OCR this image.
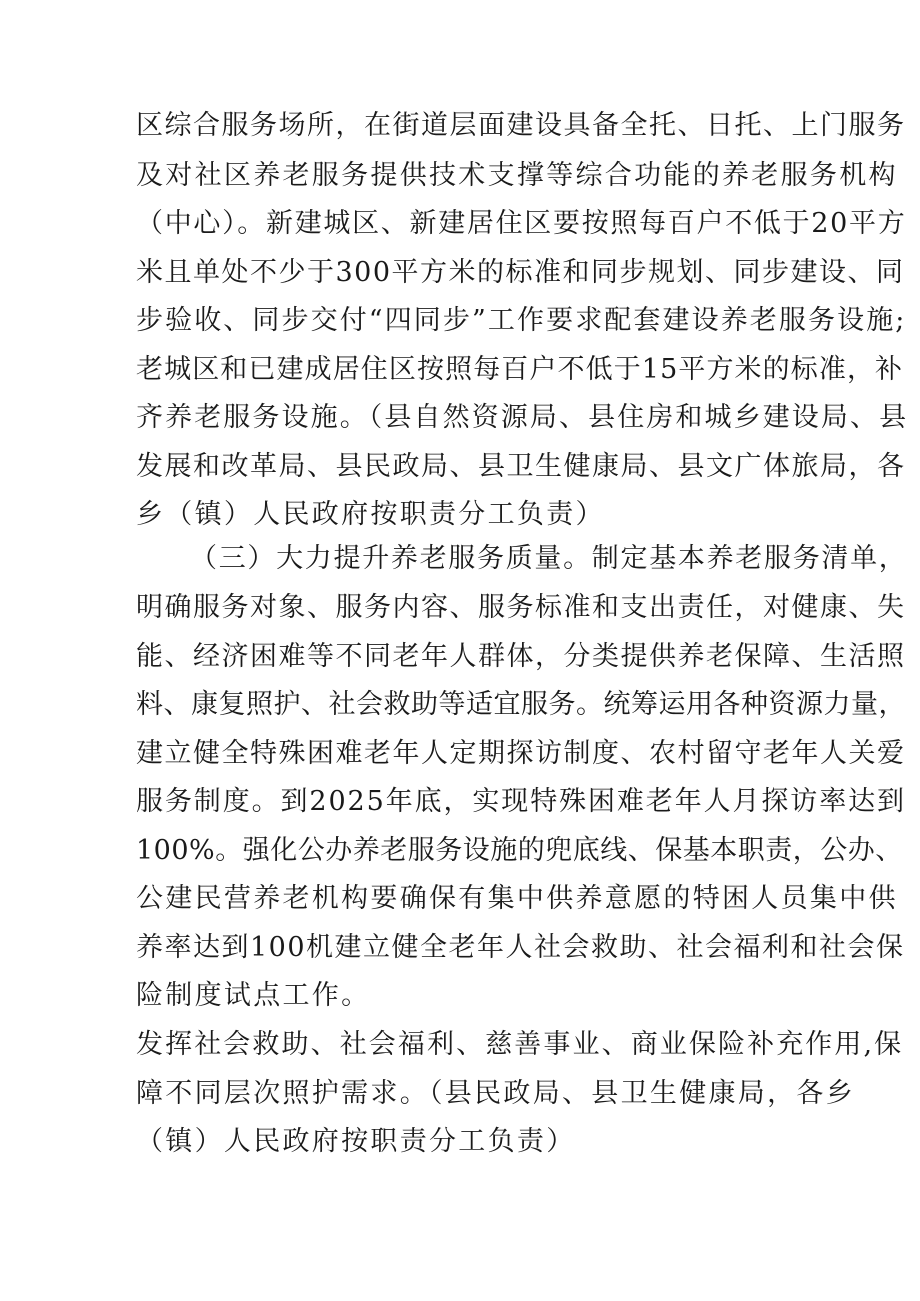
区综合服务场所，在街道层面建设具备全托、日托、上门服务
及对社区养老服务提供技术支撑等综合功能的养老服务机构
（中心）。新建城区、新建居住区要按照每百户不低于20平方
米且单处不少于300平方米的标准和同步规划、同步建设、同
步验收、同步交付“四同步”工作要求配套建设养老服务设施;
老城区和已建成居住区按照每百户不低于15平方米的标准，补
齐养老服务设施。（县自然资源局、县住房和城乡建设局、县
发展和改革局、县民政局、县卫生健康局、县文广体旅局，各
乡（镇）人民政府按职责分工负责）
（三）大力提升养老服务质量。制定基本养老服务清单，
明确服务对象、服务内容、服务标准和支出责任，对健康、失
能、经济困难等不同老年人群体，分类提供养老保障、生活照
料、康复照护、社会救助等适宜服务。统筹运用各种资源力量，
建立健全特殊困难老年人定期探访制度、农村留守老年人关爱
服务制度。到2025年底，实现特殊困难老年人月探访率达到
100%。强化公办养老服务设施的兜底线、保基本职责，公办、
公建民营养老机构要确保有集中供养意愿的特困人员集中供
养率达到100机建立健全老年人社会救助、社会福利和社会保
险制度试点工作。
发挥社会救助、社会福利、慈善事业、商业保险补充作用,保
障不同层次照护需求。（县民政局、县卫生健康局，各乡
（镇）人民政府按职责分工负责）
